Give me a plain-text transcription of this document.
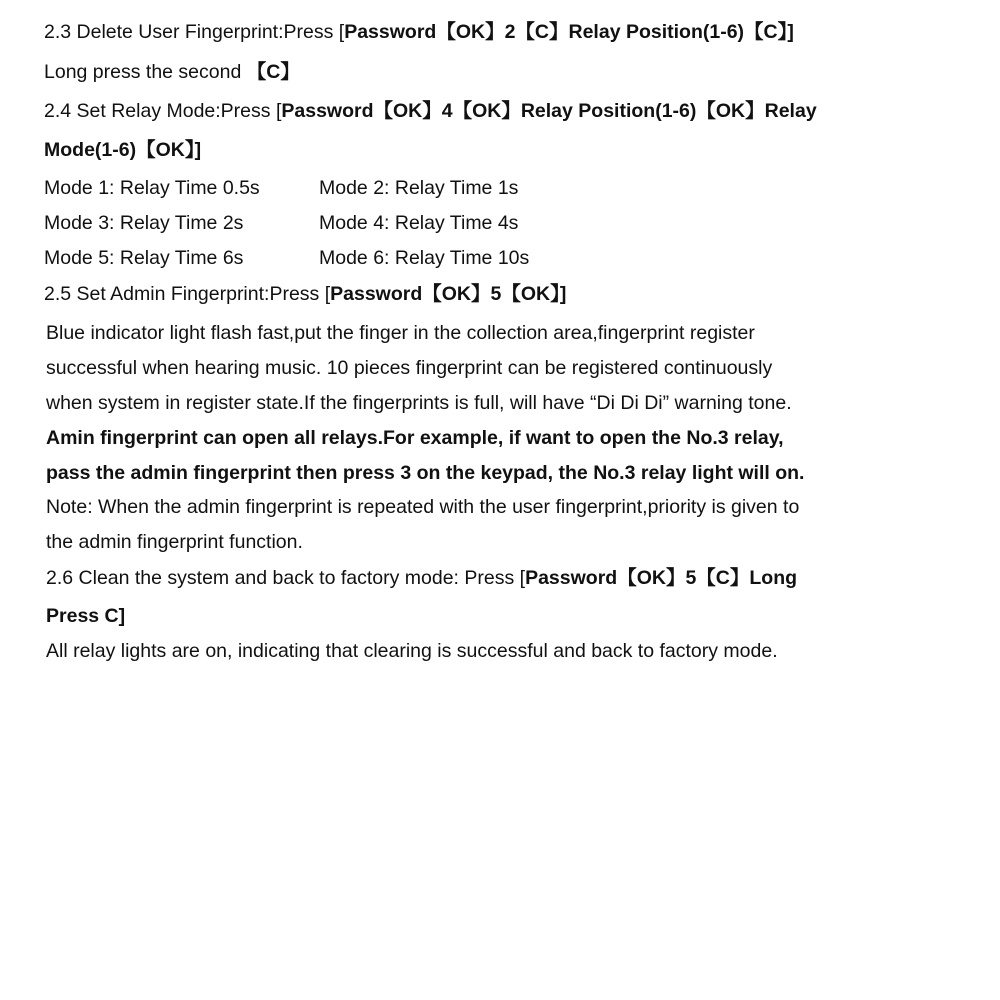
2.3 Delete User Fingerprint:Press [Password【OK】2【C】Relay Position(1-6)【C】]
Long press the second 【C】
2.4 Set Relay Mode:Press [Password【OK】4【OK】Relay Position(1-6)【OK】Relay
Mode(1-6)【OK】]
Mode 1: Relay Time 0.5s	Mode 2: Relay Time 1s
Mode 3: Relay Time 2s	Mode 4: Relay Time 4s
Mode 5: Relay Time 6s	Mode 6: Relay Time 10s
2.5 Set Admin Fingerprint:Press [Password【OK】5【OK】]
Blue indicator light flash fast,put the finger in the collection area,fingerprint register
successful when hearing music. 10 pieces fingerprint can be registered continuously
when system in register state.If the fingerprints is full, will have “Di Di Di” warning tone.
Amin fingerprint can open all relays.For example, if want to open the No.3 relay,
pass the admin fingerprint then press 3 on the keypad, the No.3 relay light will on.
Note: When the admin fingerprint is repeated with the user fingerprint,priority is given to
the admin fingerprint function.
2.6 Clean the system and back to factory mode: Press [Password【OK】5【C】Long
Press C]
All relay lights are on, indicating that clearing is successful and back to factory mode.
